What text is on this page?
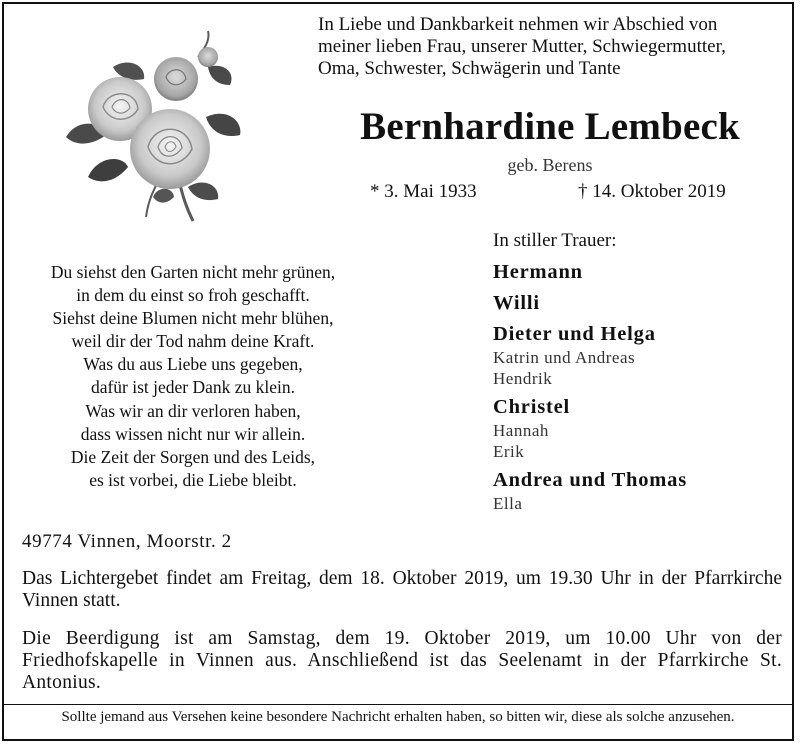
In Liebe und Dankbarkeit nehmen wir Abschied von
meiner lieben Frau, unserer Mutter, Schwiegermutter,
Oma, Schwester, Schwägerin und Tante
Bernhardine Lembeck
geb. Berens
* 3. Mai 1933	† 14. Oktober 2019
Du siehst den Garten nicht mehr grünen,
in dem du einst so froh geschafft.
Siehst deine Blumen nicht mehr blühen,
weil dir der Tod nahm deine Kraft.
Was du aus Liebe uns gegeben,
dafür ist jeder Dank zu klein.
Was wir an dir verloren haben,
dass wissen nicht nur wir allein.
Die Zeit der Sorgen und des Leids,
es ist vorbei, die Liebe bleibt.
In stiller Trauer:
Hermann
Willi
Dieter und Helga
Katrin und Andreas
Hendrik
Christel
Hannah
Erik
Andrea und Thomas
Ella
49774 Vinnen, Moorstr. 2
Das Lichtergebet findet am Freitag, dem 18. Oktober 2019, um 19.30 Uhr in der Pfarrkirche Vinnen statt.
Die Beerdigung ist am Samstag, dem 19. Oktober 2019, um 10.00 Uhr von der Friedhofskapelle in Vinnen aus. Anschließend ist das Seelenamt in der Pfarrkirche St. Antonius.
Sollte jemand aus Versehen keine besondere Nachricht erhalten haben, so bitten wir, diese als solche anzusehen.
